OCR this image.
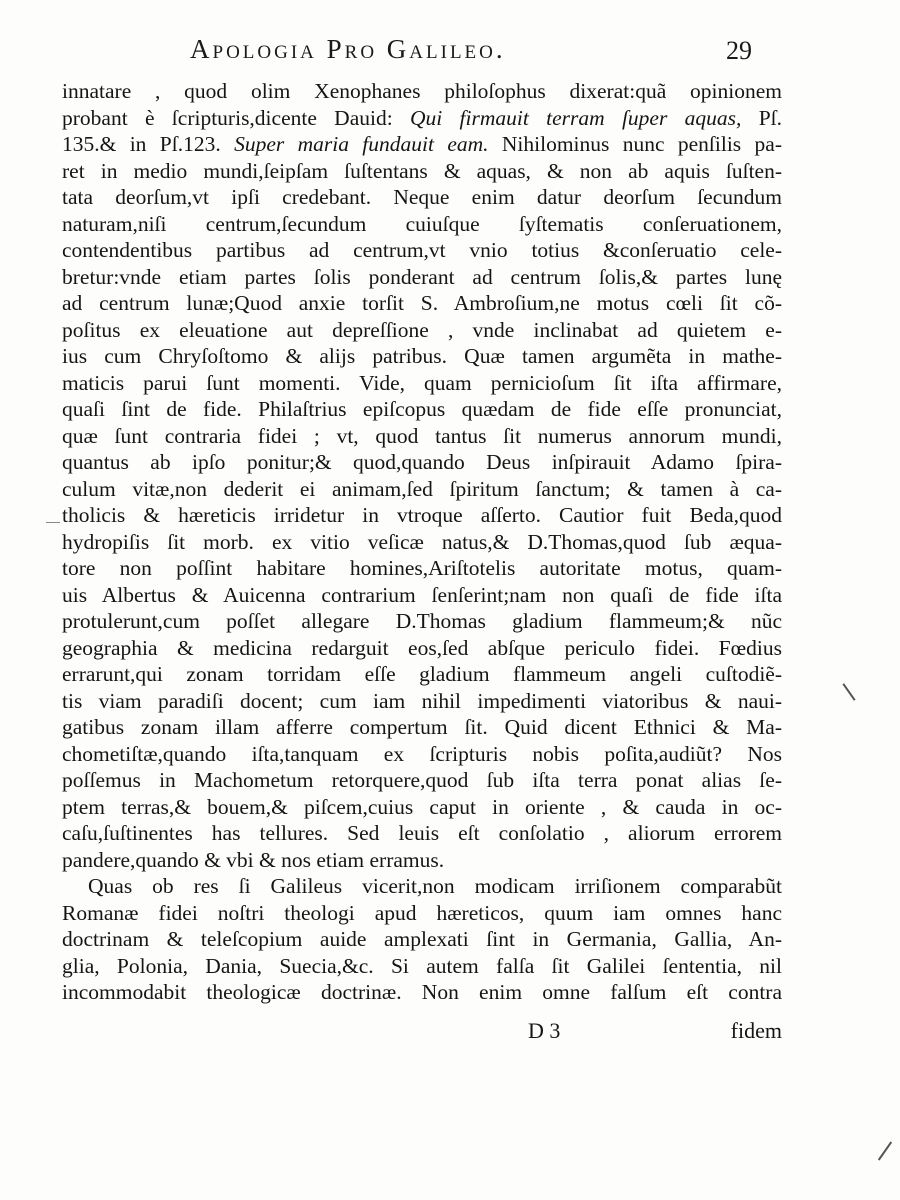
Apologia Pro Galileo.	29
innatare , quod olim Xenophanes philoſophus dixerat:quã opinionem
probant è ſcripturis,dicente Dauid: Qui firmauit terram ſuper aquas, Pſ.
135.& in Pſ.123. Super maria fundauit eam. Nihilominus nunc penſilis pa-
ret in medio mundi,ſeipſam ſuſtentans & aquas, & non ab aquis ſuſten-
tata deorſum,vt ipſi credebant. Neque enim datur deorſum ſecundum
naturam,niſi centrum,ſecundum cuiuſque ſyſtematis conſeruationem,
contendentibus partibus ad centrum,vt vnio totius &conſeruatio cele-
bretur:vnde etiam partes ſolis ponderant ad centrum ſolis,& partes lunę
ad centrum lunæ;Quod anxie torſit S. Ambroſium,ne motus cœli ſit cõ-
poſitus ex eleuatione aut depreſſione , vnde inclinabat ad quietem e-
ius cum Chryſoſtomo & alijs patribus. Quæ tamen argumẽta in mathe-
maticis parui ſunt momenti. Vide, quam pernicioſum ſit iſta affirmare,
quaſi ſint de fide. Philaſtrius epiſcopus quædam de fide eſſe pronunciat,
quæ ſunt contraria fidei ; vt, quod tantus ſit numerus annorum mundi,
quantus ab ipſo ponitur;& quod,quando Deus inſpirauit Adamo ſpira-
culum vitæ,non dederit ei animam,ſed ſpiritum ſanctum; & tamen à ca-
tholicis & hæreticis irridetur in vtroque aſſerto. Cautior fuit Beda,quod
hydropiſis ſit morb. ex vitio veſicæ natus,& D.Thomas,quod ſub æqua-
tore non poſſint habitare homines,Ariſtotelis autoritate motus, quam-
uis Albertus & Auicenna contrarium ſenſerint;nam non quaſi de fide iſta
protulerunt,cum poſſet allegare D.Thomas gladium flammeum;& nũc
geographia & medicina redarguit eos,ſed abſque periculo fidei. Fœdius
errarunt,qui zonam torridam eſſe gladium flammeum angeli cuſtodiẽ-
tis viam paradiſi docent; cum iam nihil impedimenti viatoribus & naui-
gatibus zonam illam afferre compertum ſit. Quid dicent Ethnici & Ma-
chometiſtæ,quando iſta,tanquam ex ſcripturis nobis poſita,audiũt? Nos
poſſemus in Machometum retorquere,quod ſub iſta terra ponat alias ſe-
ptem terras,& bouem,& piſcem,cuius caput in oriente , & cauda in oc-
caſu,ſuſtinentes has tellures. Sed leuis eſt conſolatio , aliorum errorem
pandere,quando & vbi & nos etiam erramus.
Quas ob res ſi Galileus vicerit,non modicam irriſionem comparabũt
Romanæ fidei noſtri theologi apud hæreticos, quum iam omnes hanc
doctrinam & teleſcopium auide amplexati ſint in Germania, Gallia, An-
glia, Polonia, Dania, Suecia,&c. Si autem falſa ſit Galilei ſententia, nil
incommodabit theologicæ doctrinæ. Non enim omne falſum eſt contra
D 3	fidem
